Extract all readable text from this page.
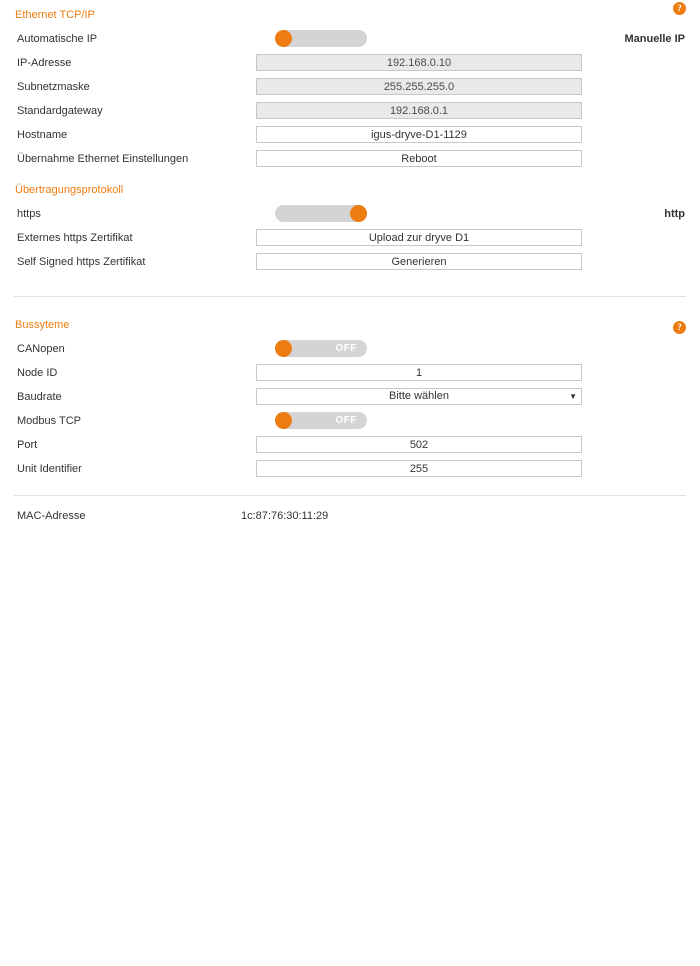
?
Ethernet TCP/IP
Automatische IP	Manuelle IP
IP-Adresse	192.168.0.10
Subnetzmaske	255.255.255.0
Standardgateway	192.168.0.1
Hostname	igus-dryve-D1-1129
Übernahme Ethernet Einstellungen	Reboot
Übertragungsprotokoll
https	http
Externes https Zertifikat	Upload zur dryve D1
Self Signed https Zertifikat	Generieren
?
Bussyteme
CANopen	OFF
Node ID	1
Baudrate	Bitte wählen	▼
Modbus TCP	OFF
Port	502
Unit Identifier	255
MAC-Adresse	1c:87:76:30:11:29
